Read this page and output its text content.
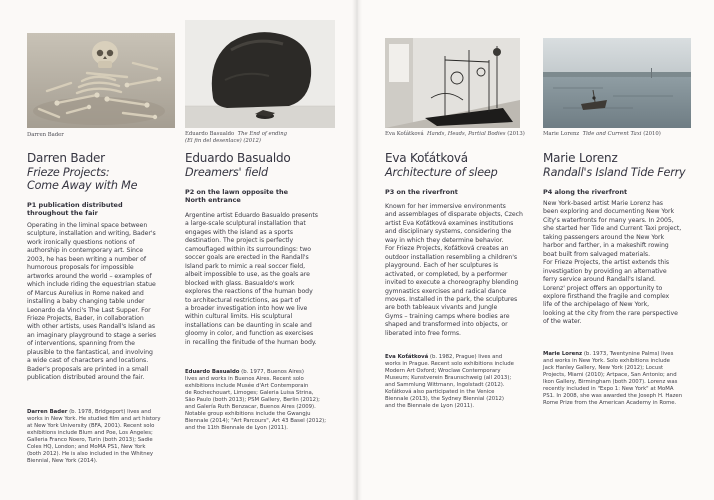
Darren Bader
Darren Bader
Frieze Projects:
Come Away with Me
P1 publication distributed
throughout the fair
Operating in the liminal space between
sculpture, installation and writing, Bader's
work ironically questions notions of
authorship in contemporary art. Since
2003, he has been writing a number of
humorous proposals for impossible
artworks around the world – examples of
which include riding the equestrian statue
of Marcus Aurelius in Rome naked and
installing a baby changing table under
Leonardo da Vinci's The Last Supper. For
Frieze Projects, Bader, in collaboration
with other artists, uses Randall's Island as
an imaginary playground to stage a series
of interventions, spanning from the
plausible to the fantastical, and involving
a wide cast of characters and locations.
Bader's proposals are printed in a small
publication distributed around the fair.
Darren Bader (b. 1978, Bridgeport) lives and
works in New York. He studied film and art history
at New York University (BFA, 2001). Recent solo
exhibitions include Blum and Poe, Los Angeles;
Galleria Franco Noero, Turin (both 2013); Sadie
Coles HQ, London; and MoMA PS1, New York
(both 2012). He is also included in the Whitney
Biennial, New York (2014).
Eduardo Basualdo The End of ending
(El fin del desenlace) (2012)
Eduardo Basualdo
Dreamers' field
P2 on the lawn opposite the
North entrance
Argentine artist Eduardo Basualdo presents
a large-scale sculptural installation that
engages with the island as a sports
destination. The project is perfectly
camouflaged within its surroundings: two
soccer goals are erected in the Randall's
Island park to mimic a real soccer field,
albeit impossible to use, as the goals are
blocked with glass. Basualdo's work
explores the reactions of the human body
to architectural restrictions, as part of
a broader investigation into how we live
within cultural limits. His sculptural
installations can be daunting in scale and
gloomy in color, and function as exercises
in recalling the finitude of the human body.
Eduardo Basualdo (b. 1977, Buenos Aires)
lives and works in Buenos Aires. Recent solo
exhibitions include Musée d'Art Contemporain
de Rochechouart, Limoges; Galeria Luisa Strina,
São Paulo (both 2013); PSM Gallery, Berlin (2012);
and Galería Ruth Benzacar, Buenos Aires (2009).
Notable group exhibitions include the Gwangju
Biennale (2014); "Art Parcours", Art 43 Basel (2012);
and the 11th Biennale de Lyon (2011).
Eva Koťátková Hands, Heads, Partial Bodies (2013)
Eva Koťátková
Architecture of sleep
P3 on the riverfront
Known for her immersive environments
and assemblages of disparate objects, Czech
artist Eva Koťátková examines institutions
and disciplinary systems, considering the
way in which they determine behavior.
For Frieze Projects, Koťátková creates an
outdoor installation resembling a children's
playground. Each of her sculptures is
activated, or completed, by a performer
invited to execute a choreography blending
gymnastics exercises and radical dance
moves. Installed in the park, the sculptures
are both tableaux vivants and Jungle
Gyms – training camps where bodies are
shaped and transformed into objects, or
liberated into free forms.
Eva Koťátková (b. 1982, Prague) lives and
works in Prague. Recent solo exhibitions include
Modern Art Oxford; Wroclaw Contemporary
Museum; Kunstverein Braunschweig (all 2013);
and Sammlung Wittmann, Ingolstadt (2012).
Koťátková also participated in the Venice
Biennale (2013), the Sydney Biennial (2012)
and the Biennale de Lyon (2011).
Marie Lorenz Tide and Current Taxi (2010)
Marie Lorenz
Randall's Island Tide Ferry
P4 along the riverfront
New York-based artist Marie Lorenz has
been exploring and documenting New York
City's waterfronts for many years. In 2005,
she started her Tide and Current Taxi project,
taking passengers around the New York
harbor and farther, in a makeshift rowing
boat built from salvaged materials.
For Frieze Projects, the artist extends this
investigation by providing an alternative
ferry service around Randall's Island.
Lorenz' project offers an opportunity to
explore firsthand the fragile and complex
life of the archipelago of New York,
looking at the city from the rare perspective
of the water.
Marie Lorenz (b. 1973, Twentynine Palms) lives
and works in New York. Solo exhibitions include
Jack Hanley Gallery, New York (2012); Locust
Projects, Miami (2010); Artpace, San Antonio; and
Ikon Gallery, Birmingham (both 2007). Lorenz was
recently included in "Expo 1: New York" at MoMA
PS1. In 2008, she was awarded the Joseph H. Hazen
Rome Prize from the American Academy in Rome.
